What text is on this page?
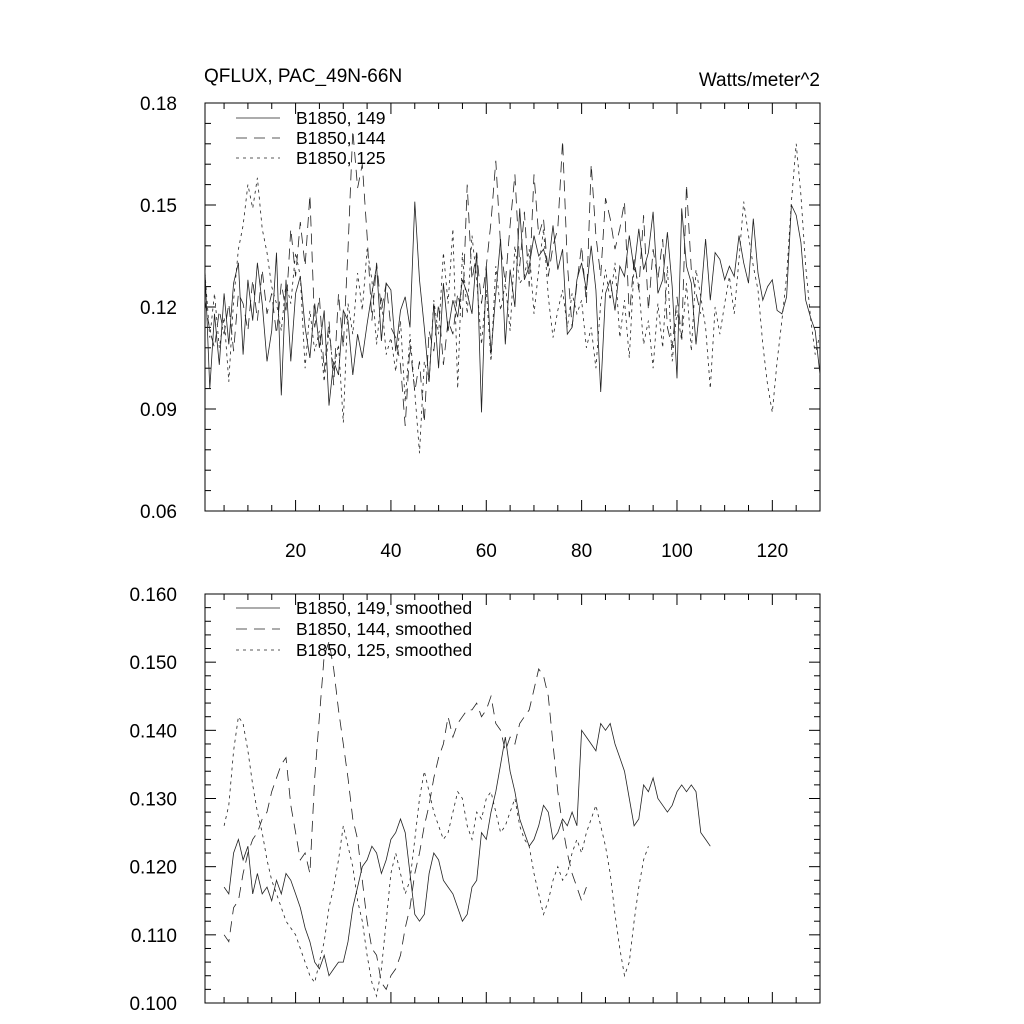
QFLUX, PAC_49N-66N	Watts/meter^2
0.06
0.09
0.12
0.15
0.18
20	40	60	80	100	120
B1850, 149
B1850, 144
B1850, 125
0.100
0.110
0.120
0.130
0.140
0.150
0.160
B1850, 149, smoothed
B1850, 144, smoothed
B1850, 125, smoothed
